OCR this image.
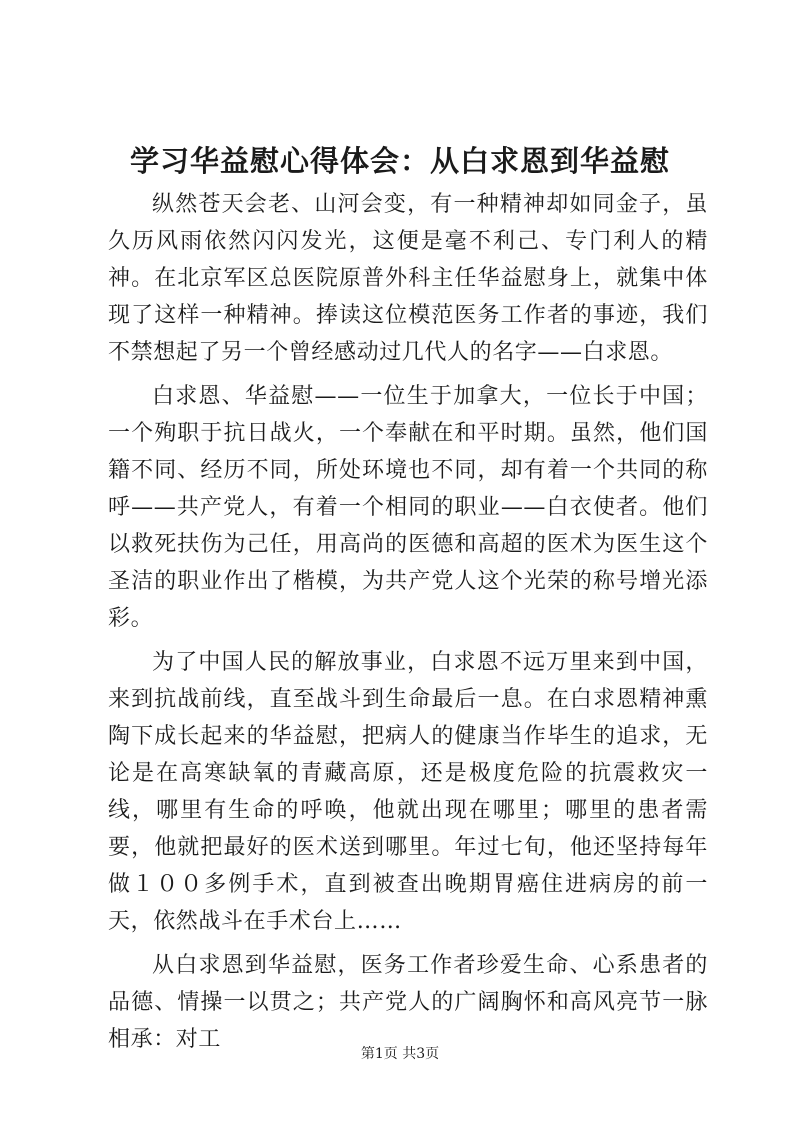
学习华益慰心得体会：从白求恩到华益慰

纵然苍天会老、山河会变，有一种精神却如同金子，虽久历风雨依然闪闪发光，这便是毫不利己、专门利人的精神。在北京军区总医院原普外科主任华益慰身上，就集中体现了这样一种精神。捧读这位模范医务工作者的事迹，我们不禁想起了另一个曾经感动过几代人的名字——白求恩。

白求恩、华益慰——一位生于加拿大，一位长于中国；一个殉职于抗日战火，一个奉献在和平时期。虽然，他们国籍不同、经历不同，所处环境也不同，却有着一个共同的称呼——共产党人，有着一个相同的职业——白衣使者。他们以救死扶伤为己任，用高尚的医德和高超的医术为医生这个圣洁的职业作出了楷模，为共产党人这个光荣的称号增光添彩。

为了中国人民的解放事业，白求恩不远万里来到中国，来到抗战前线，直至战斗到生命最后一息。在白求恩精神熏陶下成长起来的华益慰，把病人的健康当作毕生的追求，无论是在高寒缺氧的青藏高原，还是极度危险的抗震救灾一线，哪里有生命的呼唤，他就出现在哪里；哪里的患者需要，他就把最好的医术送到哪里。年过七旬，他还坚持每年做１００多例手术，直到被查出晚期胃癌住进病房的前一天，依然战斗在手术台上……

从白求恩到华益慰，医务工作者珍爱生命、心系患者的品德、情操一以贯之；共产党人的广阔胸怀和高风亮节一脉相承：对工

第1页 共3页
